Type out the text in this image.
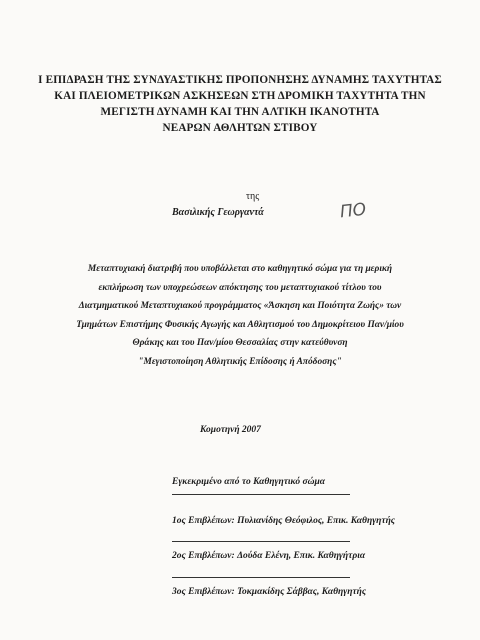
Ι ΕΠΙΔΡΑΣΗ ΤΗΣ ΣΥΝΔΥΑΣΤΙΚΗΣ ΠΡΟΠΟΝΗΣΗΣ ΔΥΝΑΜΗΣ ΤΑΧΥΤΗΤΑΣ
ΚΑΙ ΠΛΕΙΟΜΕΤΡΙΚΩΝ ΑΣΚΗΣΕΩΝ ΣΤΗ ΔΡΟΜΙΚΗ ΤΑΧΥΤΗΤΑ ΤΗΝ
ΜΕΓΙΣΤΗ ΔΥΝΑΜΗ ΚΑΙ ΤΗΝ ΑΛΤΙΚΗ ΙΚΑΝΟΤΗΤΑ
ΝΕΑΡΩΝ ΑΘΛΗΤΩΝ ΣΤΙΒΟΥ
της
Βασιλικής Γεωργαντά	ΠΟ
Μεταπτυχιακή διατριβή που υποβάλλεται στο καθηγητικό σώμα για τη μερική
εκπλήρωση των υποχρεώσεων απόκτησης του μεταπτυχιακού τίτλου του
Διατμηματικού Μεταπτυχιακού προγράμματος «Άσκηση και Ποιότητα Ζωής» των
Τμημάτων Επιστήμης Φυσικής Αγωγής και Αθλητισμού του Δημοκρίτειου Παν/μίου
Θράκης και του Παν/μίου Θεσσαλίας στην κατεύθυνση
"Μεγιστοποίηση Αθλητικής Επίδοσης ή Απόδοσης"
Κομοτηνή 2007
Εγκεκριμένο από το Καθηγητικό σώμα
1ος Επιβλέπων: Πυλιανίδης Θεόφιλος, Επικ. Καθηγητής
2ος Επιβλέπων: Δούδα Ελένη, Επικ. Καθηγήτρια
3ος Επιβλέπων: Τοκμακίδης Σάββας, Καθηγητής
